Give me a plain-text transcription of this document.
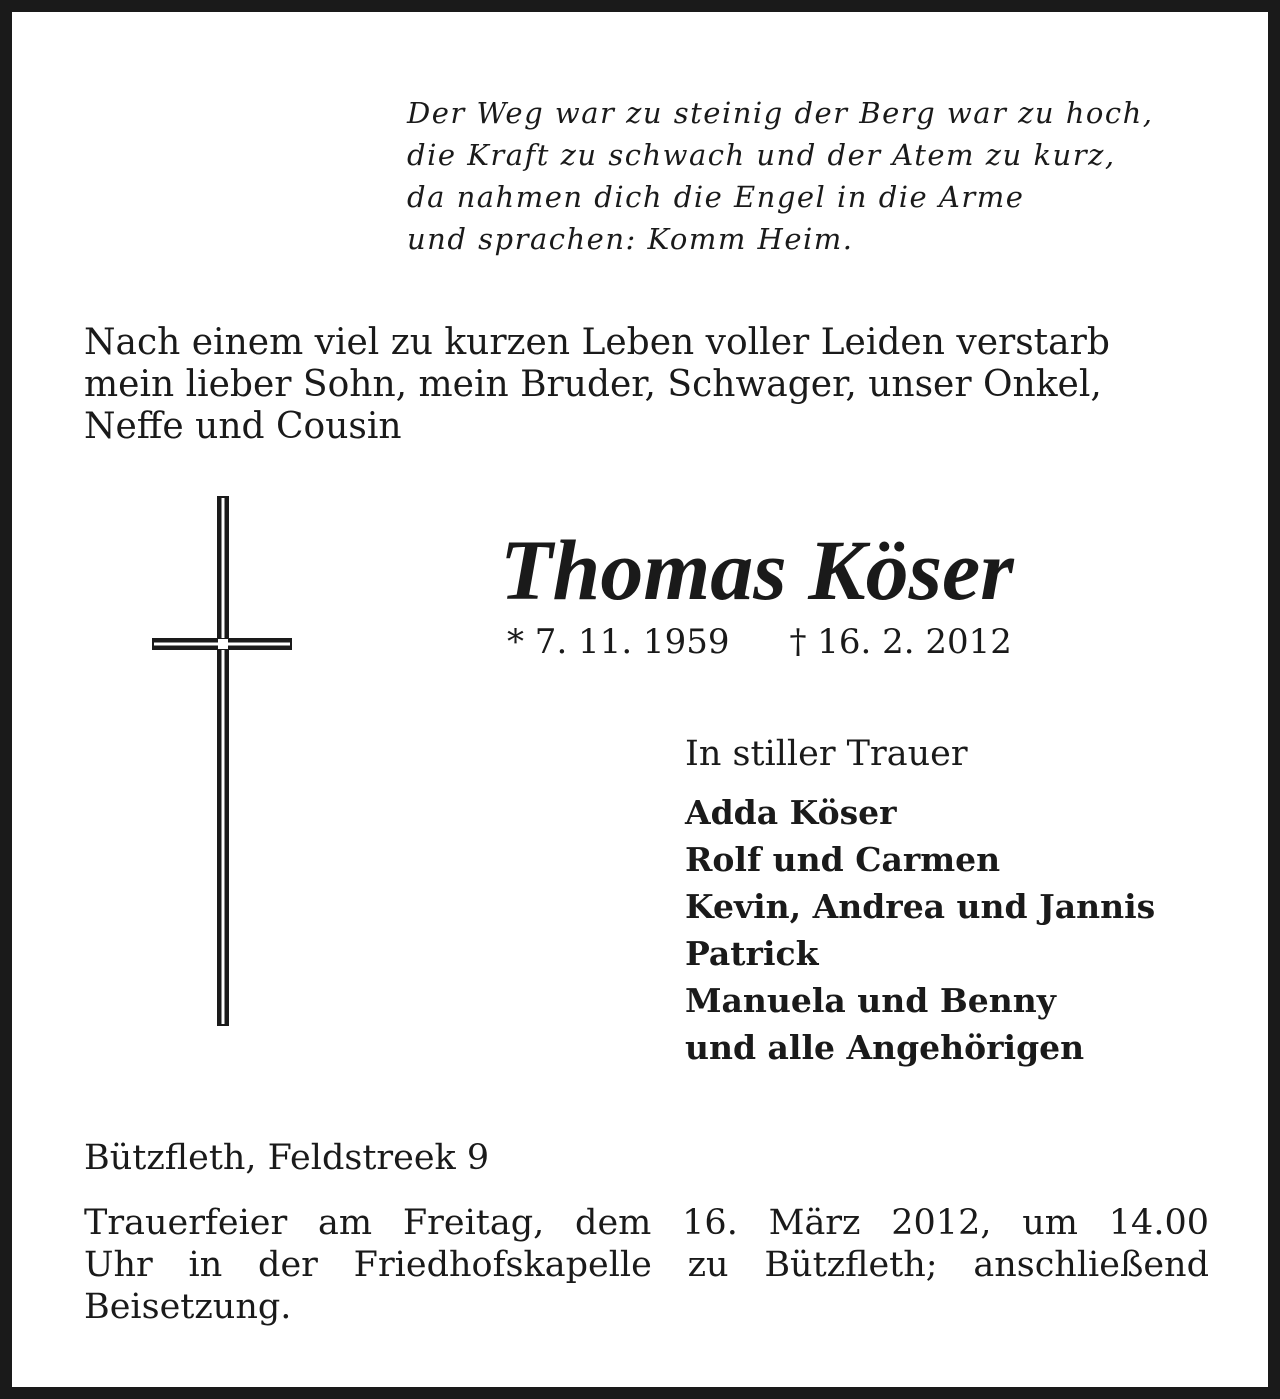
Der Weg war zu steinig der Berg war zu hoch,
die Kraft zu schwach und der Atem zu kurz,
da nahmen dich die Engel in die Arme
und sprachen: Komm Heim.
Nach einem viel zu kurzen Leben voller Leiden verstarb
mein lieber Sohn, mein Bruder, Schwager, unser Onkel,
Neffe und Cousin
Thomas Köser
* 7. 11. 1959 † 16. 2. 2012
In stiller Trauer
Adda Köser
Rolf und Carmen
Kevin, Andrea und Jannis
Patrick
Manuela und Benny
und alle Angehörigen
Bützfleth, Feldstreek 9
Trauerfeier am Freitag, dem 16. März 2012, um 14.00
Uhr in der Friedhofskapelle zu Bützfleth; anschließend
Beisetzung.
